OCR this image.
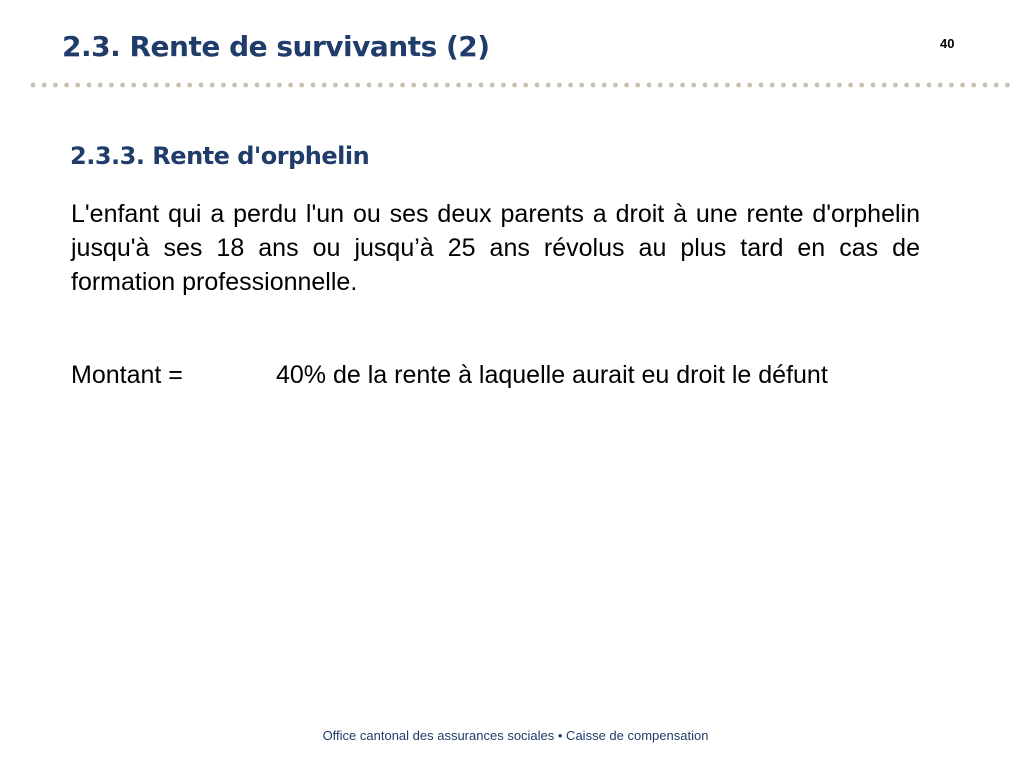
2.3. Rente de survivants (2)	40
2.3.3. Rente d'orphelin

L'enfant qui a perdu l'un ou ses deux parents a droit à une rente d'orphelin jusqu'à ses 18 ans ou jusqu’à 25 ans révolus au plus tard en cas de formation professionnelle.

Montant =	40% de la rente à laquelle aurait eu droit le défunt
Office cantonal des assurances sociales • Caisse de compensation
